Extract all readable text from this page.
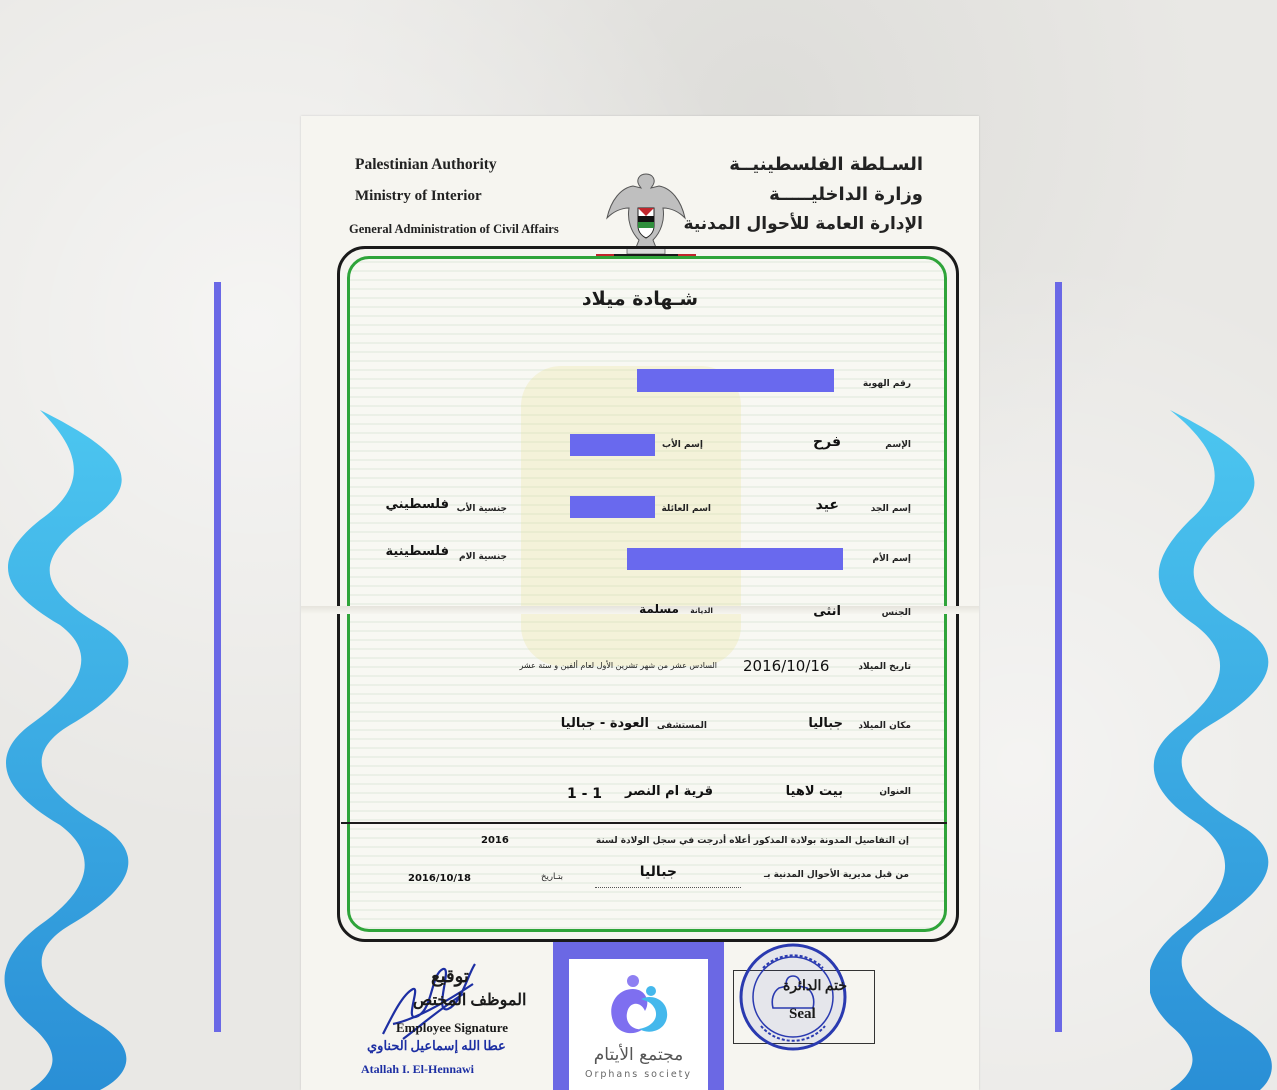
Palestinian Authority
Ministry of Interior
General Administration of Civil Affairs
السـلطة الفلسطينيــة
وزارة الداخليـــــة
الإدارة العامة للأحوال المدنية
شـهادة ميلاد
رقم الهوية
الإسم
فرح
إسم الأب
إسم الجد
عيد
اسم العائلة
جنسية الأب
فلسطيني
إسم الأم
جنسية الام
فلسطينية
الجنس
انثى
الديانة
مسلمة
تاريخ الميلاد
2016/10/16
السادس عشر من شهر تشرين الأول لعام ألفين و ستة عشر
مكان الميلاد
جباليا
المستشفى
العودة - جباليا
العنوان
بيت لاهيا
قرية ام النصر
1 - 1
إن التفاصيل المدونة بولادة المذكور أعلاه أدرجت في سجل الولادة لسنة
2016
من قبل مديرية الأحوال المدنية بـ
جباليا
بتـاريخ
2016/10/18
توقيع
الموظف المختص
Employee Signature
عطا الله إسماعيل الحناوي
Atallah I. El-Hennawi
ختم الدائرة
Seal
مجتمع الأيتام
Orphans society
